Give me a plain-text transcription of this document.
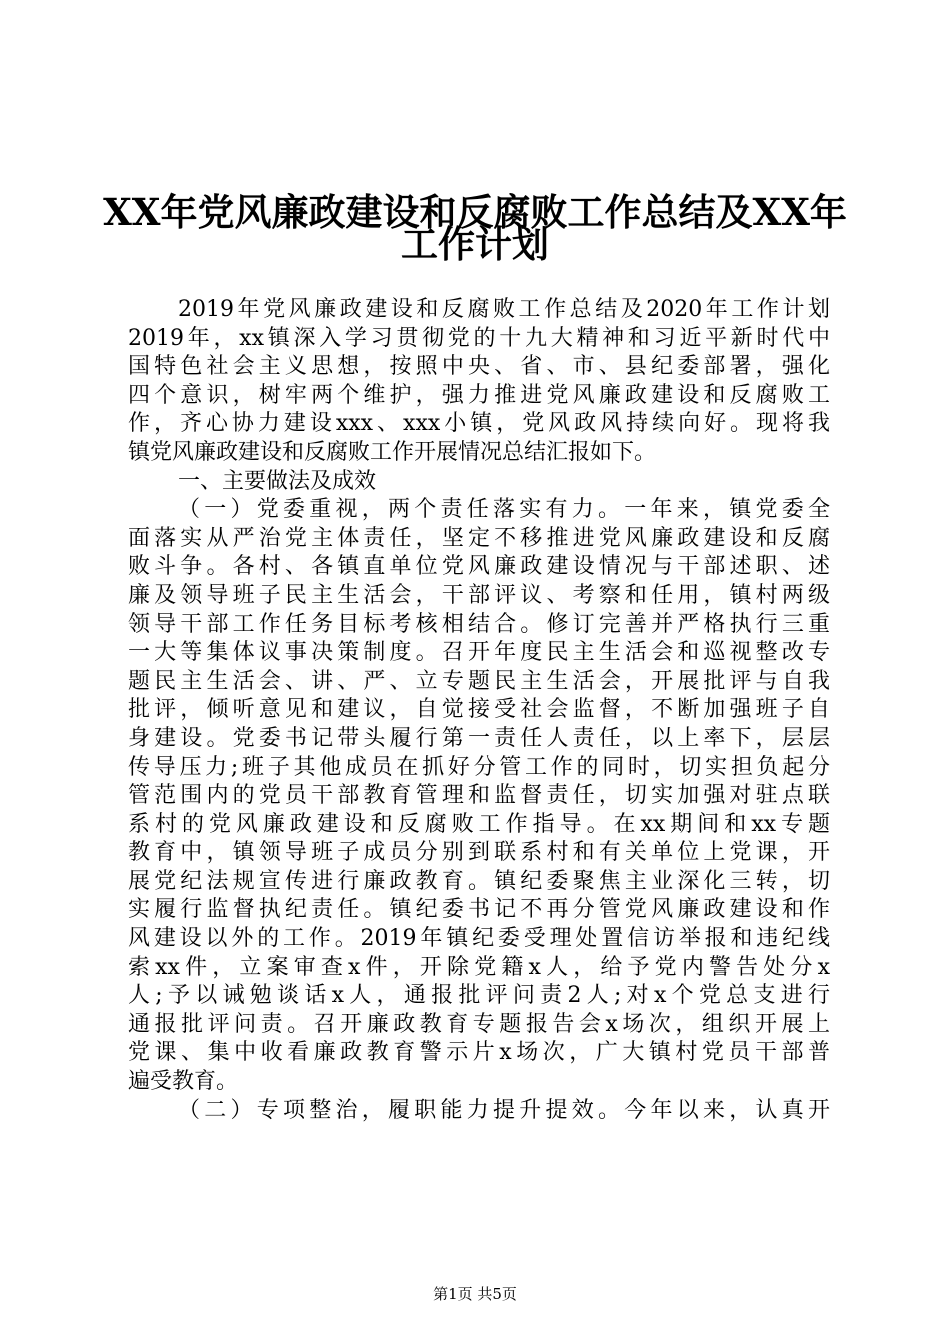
XX年党风廉政建设和反腐败工作总结及XX年
工作计划
2019年党风廉政建设和反腐败工作总结及2020年工作计划
2019年，xx镇深入学习贯彻党的十九大精神和习近平新时代中
国特色社会主义思想，按照中央、省、市、县纪委部署，强化
四个意识，树牢两个维护，强力推进党风廉政建设和反腐败工
作，齐心协力建设xxx、xxx小镇，党风政风持续向好。现将我
镇党风廉政建设和反腐败工作开展情况总结汇报如下。
一、主要做法及成效
（一）党委重视，两个责任落实有力。一年来，镇党委全
面落实从严治党主体责任，坚定不移推进党风廉政建设和反腐
败斗争。各村、各镇直单位党风廉政建设情况与干部述职、述
廉及领导班子民主生活会，干部评议、考察和任用，镇村两级
领导干部工作任务目标考核相结合。修订完善并严格执行三重
一大等集体议事决策制度。召开年度民主生活会和巡视整改专
题民主生活会、讲、严、立专题民主生活会，开展批评与自我
批评，倾听意见和建议，自觉接受社会监督，不断加强班子自
身建设。党委书记带头履行第一责任人责任，以上率下，层层
传导压力;班子其他成员在抓好分管工作的同时，切实担负起分
管范围内的党员干部教育管理和监督责任，切实加强对驻点联
系村的党风廉政建设和反腐败工作指导。在xx期间和xx专题
教育中，镇领导班子成员分别到联系村和有关单位上党课，开
展党纪法规宣传进行廉政教育。镇纪委聚焦主业深化三转，切
实履行监督执纪责任。镇纪委书记不再分管党风廉政建设和作
风建设以外的工作。2019年镇纪委受理处置信访举报和违纪线
索xx件，立案审查x件，开除党籍x人，给予党内警告处分x
人;予以诫勉谈话x人，通报批评问责2人;对x个党总支进行
通报批评问责。召开廉政教育专题报告会x场次，组织开展上
党课、集中收看廉政教育警示片x场次，广大镇村党员干部普
遍受教育。
（二）专项整治，履职能力提升提效。今年以来，认真开
第1页 共5页
